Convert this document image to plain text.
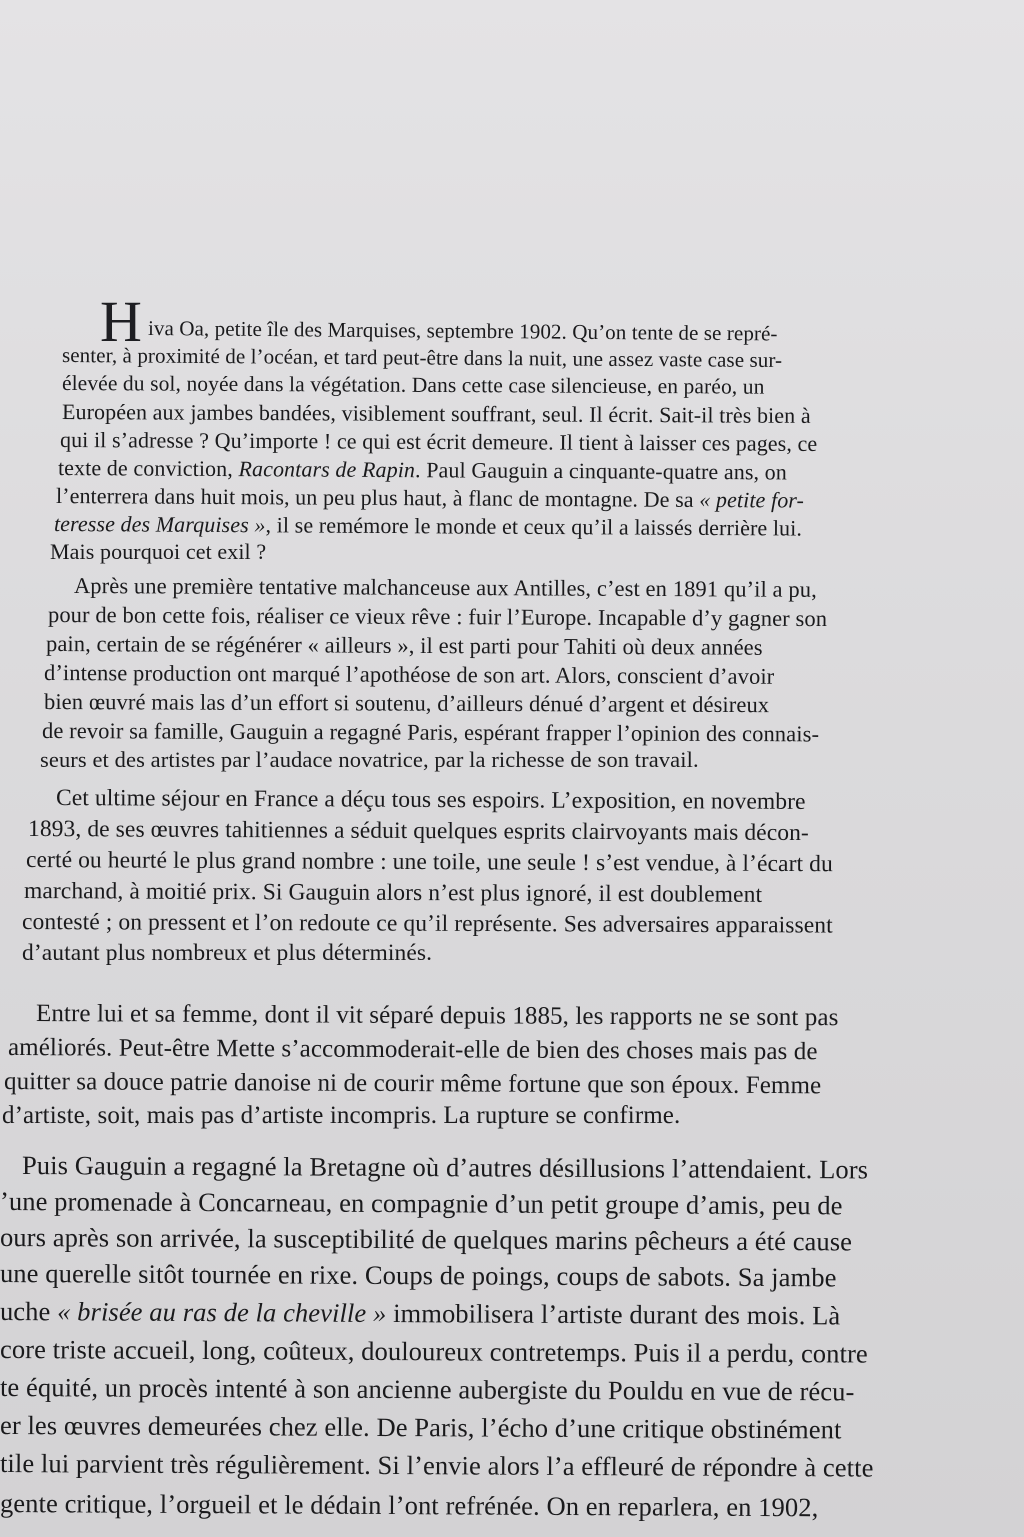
H iva Oa, petite île des Marquises, septembre 1902. Qu’on tente de se repré-

senter, à proximité de l’océan, et tard peut-être dans la nuit, une assez vaste case sur-

élevée du sol, noyée dans la végétation. Dans cette case silencieuse, en paréo, un

Européen aux jambes bandées, visiblement souffrant, seul. Il écrit. Sait-il très bien à

qui il s’adresse ? Qu’importe ! ce qui est écrit demeure. Il tient à laisser ces pages, ce

texte de conviction, Racontars de Rapin. Paul Gauguin a cinquante-quatre ans, on

l’enterrera dans huit mois, un peu plus haut, à flanc de montagne. De sa « petite for-

teresse des Marquises », il se remémore le monde et ceux qu’il a laissés derrière lui.

Mais pourquoi cet exil ?

Après une première tentative malchanceuse aux Antilles, c’est en 1891 qu’il a pu,

pour de bon cette fois, réaliser ce vieux rêve : fuir l’Europe. Incapable d’y gagner son

pain, certain de se régénérer « ailleurs », il est parti pour Tahiti où deux années

d’intense production ont marqué l’apothéose de son art. Alors, conscient d’avoir

bien œuvré mais las d’un effort si soutenu, d’ailleurs dénué d’argent et désireux

de revoir sa famille, Gauguin a regagné Paris, espérant frapper l’opinion des connais-

seurs et des artistes par l’audace novatrice, par la richesse de son travail.

Cet ultime séjour en France a déçu tous ses espoirs. L’exposition, en novembre

1893, de ses œuvres tahitiennes a séduit quelques esprits clairvoyants mais décon-

certé ou heurté le plus grand nombre : une toile, une seule ! s’est vendue, à l’écart du

marchand, à moitié prix. Si Gauguin alors n’est plus ignoré, il est doublement

contesté ; on pressent et l’on redoute ce qu’il représente. Ses adversaires apparaissent

d’autant plus nombreux et plus déterminés.

Entre lui et sa femme, dont il vit séparé depuis 1885, les rapports ne se sont pas

améliorés. Peut-être Mette s’accommoderait-elle de bien des choses mais pas de

quitter sa douce patrie danoise ni de courir même fortune que son époux. Femme

d’artiste, soit, mais pas d’artiste incompris. La rupture se confirme.

Puis Gauguin a regagné la Bretagne où d’autres désillusions l’attendaient. Lors

’une promenade à Concarneau, en compagnie d’un petit groupe d’amis, peu de

ours après son arrivée, la susceptibilité de quelques marins pêcheurs a été cause

une querelle sitôt tournée en rixe. Coups de poings, coups de sabots. Sa jambe

uche « brisée au ras de la cheville » immobilisera l’artiste durant des mois. Là

core triste accueil, long, coûteux, douloureux contretemps. Puis il a perdu, contre

te équité, un procès intenté à son ancienne aubergiste du Pouldu en vue de récu-

er les œuvres demeurées chez elle. De Paris, l’écho d’une critique obstinément

tile lui parvient très régulièrement. Si l’envie alors l’a effleuré de répondre à cette

gente critique, l’orgueil et le dédain l’ont refrénée. On en reparlera, en 1902,
